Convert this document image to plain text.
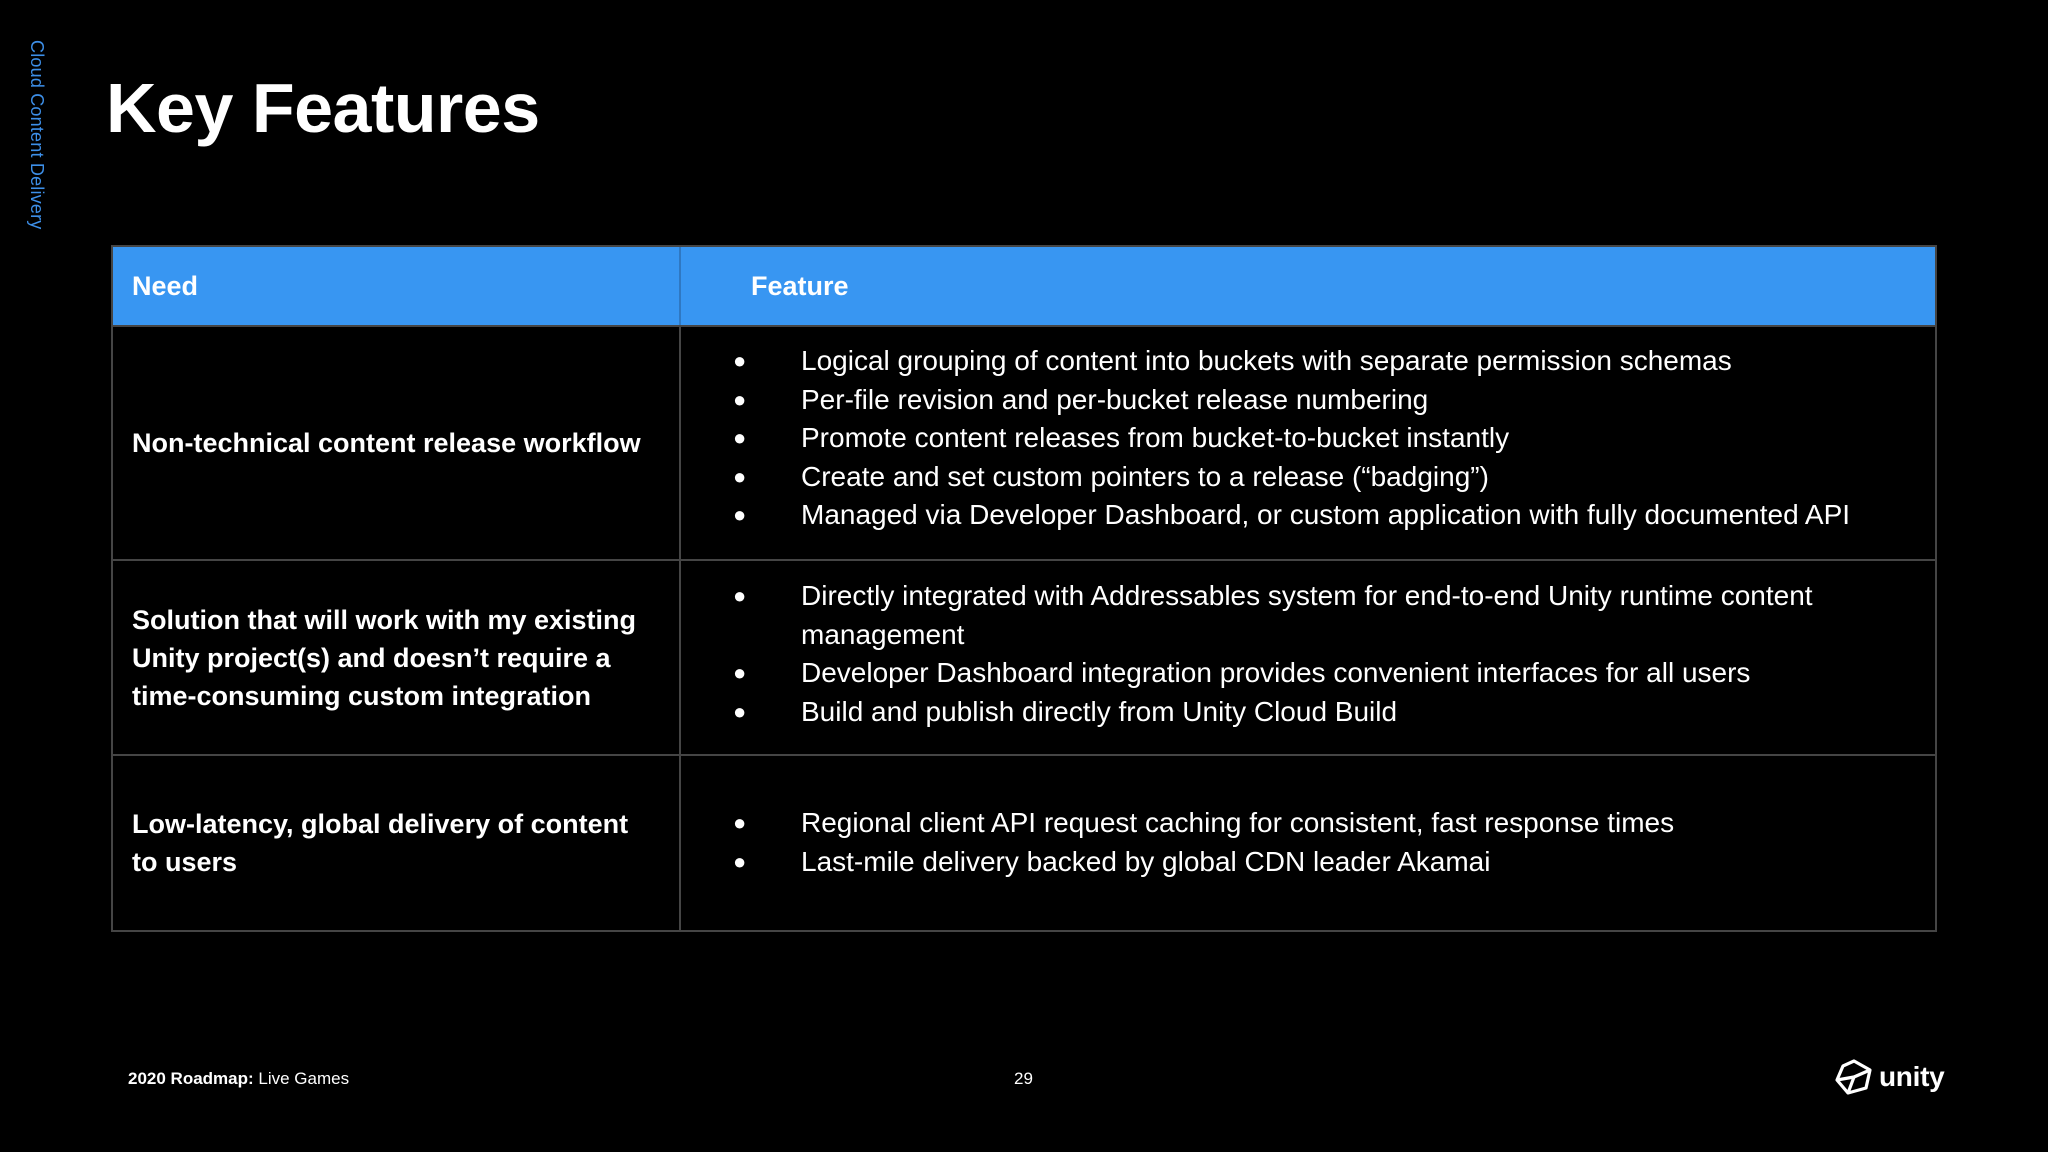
Cloud Content Delivery Key Features
Need	Feature
Non-technical content release workflow
● Logical grouping of content into buckets with separate permission schemas
● Per-file revision and per-bucket release numbering
● Promote content releases from bucket-to-bucket instantly
● Create and set custom pointers to a release (“badging”)
● Managed via Developer Dashboard, or custom application with fully documented API
Solution that will work with my existing Unity project(s) and doesn’t require a time-consuming custom integration
● Directly integrated with Addressables system for end-to-end Unity runtime content management
● Developer Dashboard integration provides convenient interfaces for all users
● Build and publish directly from Unity Cloud Build
Low-latency, global delivery of content to users
● Regional client API request caching for consistent, fast response times
● Last-mile delivery backed by global CDN leader Akamai
2020 Roadmap: Live Games	29	unity
